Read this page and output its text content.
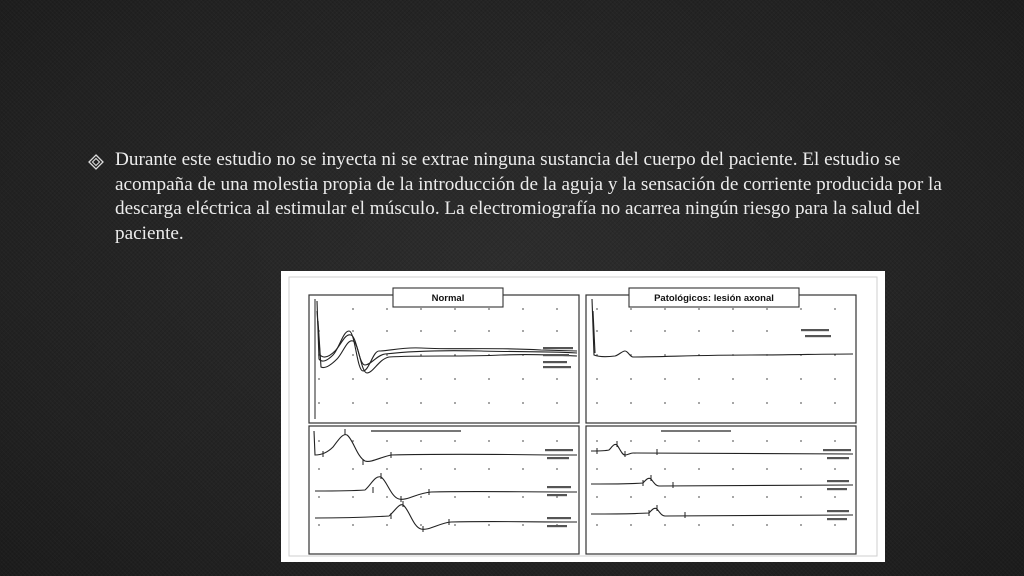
Durante este estudio no se inyecta ni se extrae ninguna sustancia del cuerpo del paciente. El estudio se acompaña de una molestia propia de la introducción de la aguja y la sensación de corriente producida por la descarga eléctrica al estimular el músculo. La electromiografía no acarrea ningún riesgo para la salud del paciente.
Normal	Patológicos: lesión axonal
